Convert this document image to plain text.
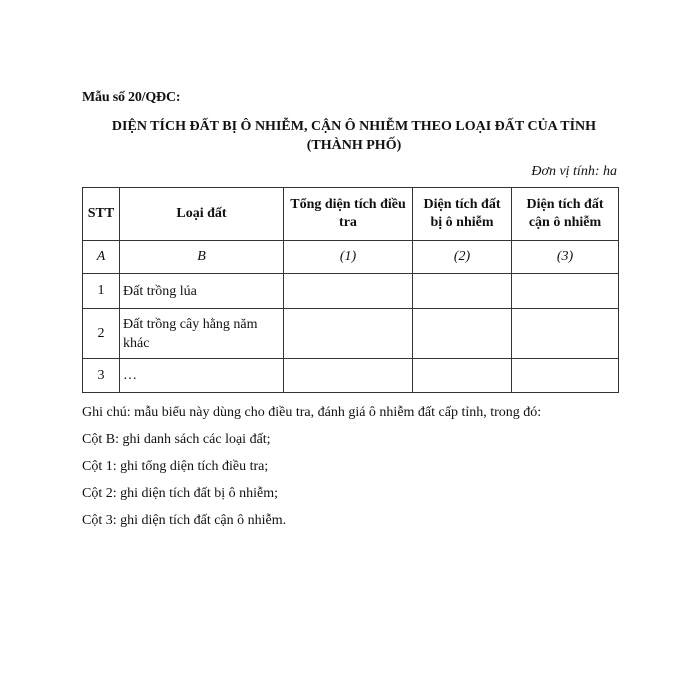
Mẫu số 20/QĐC:
DIỆN TÍCH ĐẤT BỊ Ô NHIỄM, CẬN Ô NHIỄM THEO LOẠI ĐẤT CỦA TỈNH
(THÀNH PHỐ)
Đơn vị tính: ha
STT	Loại đất	Tổng diện tích điều tra	Diện tích đất bị ô nhiễm	Diện tích đất cận ô nhiễm
A	B	(1)	(2)	(3)
1	Đất trồng lúa			
2	Đất trồng cây hằng năm khác			
3	…			
Ghi chú: mẫu biểu này dùng cho điều tra, đánh giá ô nhiễm đất cấp tỉnh, trong đó:
Cột B: ghi danh sách các loại đất;
Cột 1: ghi tổng diện tích điều tra;
Cột 2: ghi diện tích đất bị ô nhiễm;
Cột 3: ghi diện tích đất cận ô nhiễm.
